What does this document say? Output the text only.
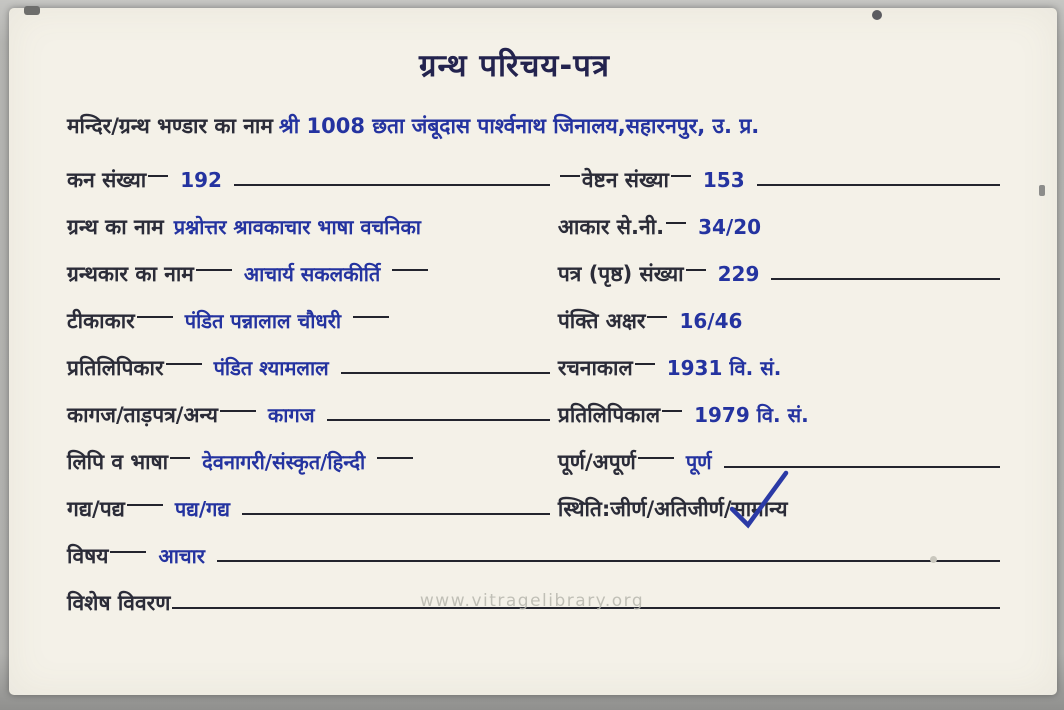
ग्रन्थ परिचय-पत्र
मन्दिर/ग्रन्थ भण्डार का नाम श्री 1008 छता जंबूदास पार्श्वनाथ जिनालय,सहारनपुर, उ. प्र.
कन संख्या 192	वेष्टन संख्या 153
ग्रन्थ का नाम प्रश्नोत्तर श्रावकाचार भाषा वचनिका	आकार से.नी. 34/20
ग्रन्थकार का नाम	आचार्य सकलकीर्ति	पत्र (पृष्ठ) संख्या 229
टीकाकार	पंडित पन्नालाल चौधरी	पंक्ति अक्षर 16/46
प्रतिलिपिकार	पंडित श्यामलाल	रचनाकाल 1931 वि. सं.
कागज/ताड़पत्र/अन्य	कागज	प्रतिलिपिकाल 1979 वि. सं.
लिपि व भाषा देवनागरी/संस्कृत/हिन्दी	पूर्ण/अपूर्ण	पूर्ण
गद्य/पद्य	पद्य/गद्य	स्थिति:जीर्ण/अतिजीर्ण/ सामान्य
विषय	आचार
विशेष विवरण	www.vitragelibrary.org
